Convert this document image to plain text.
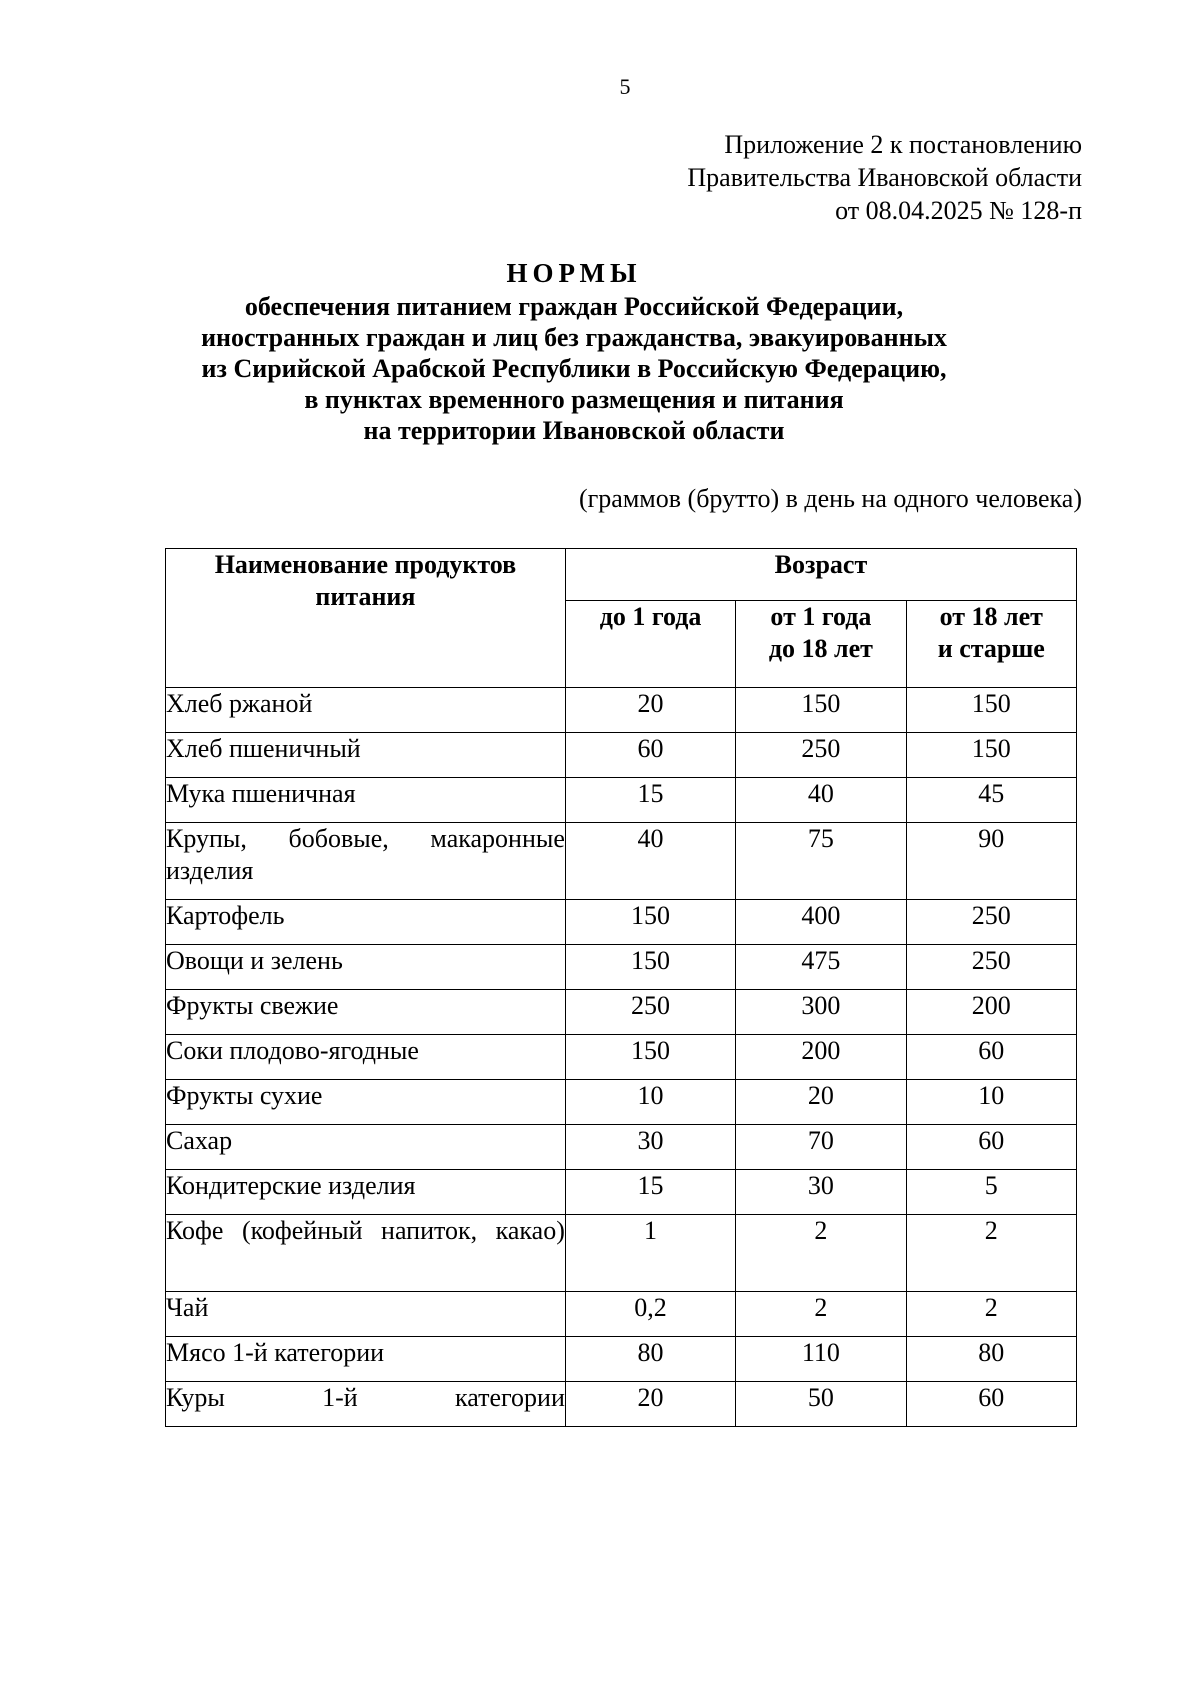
5
Приложение 2 к постановлению
Правительства Ивановской области
от 08.04.2025 № 128-п
НОРМЫ
обеспечения питанием граждан Российской Федерации,
иностранных граждан и лиц без гражданства, эвакуированных
из Сирийской Арабской Республики в Российскую Федерацию,
в пунктах временного размещения и питания
на территории Ивановской области
(граммов (брутто) в день на одного человека)
Наименование продуктов питания	Возраст		
	до 1 года	от 1 года до 18 лет	от 18 лет и старше
Хлеб ржаной	20	150	150
Хлеб пшеничный	60	250	150
Мука пшеничная	15	40	45
Крупы, бобовые, макаронные изделия	40	75	90
Картофель	150	400	250
Овощи и зелень	150	475	250
Фрукты свежие	250	300	200
Соки плодово-ягодные	150	200	60
Фрукты сухие	10	20	10
Сахар	30	70	60
Кондитерские изделия	15	30	5
Кофе (кофейный напиток, какао)	1	2	2
Чай	0,2	2	2
Мясо 1-й категории	80	110	80
Куры 1-й категории	20	50	60
